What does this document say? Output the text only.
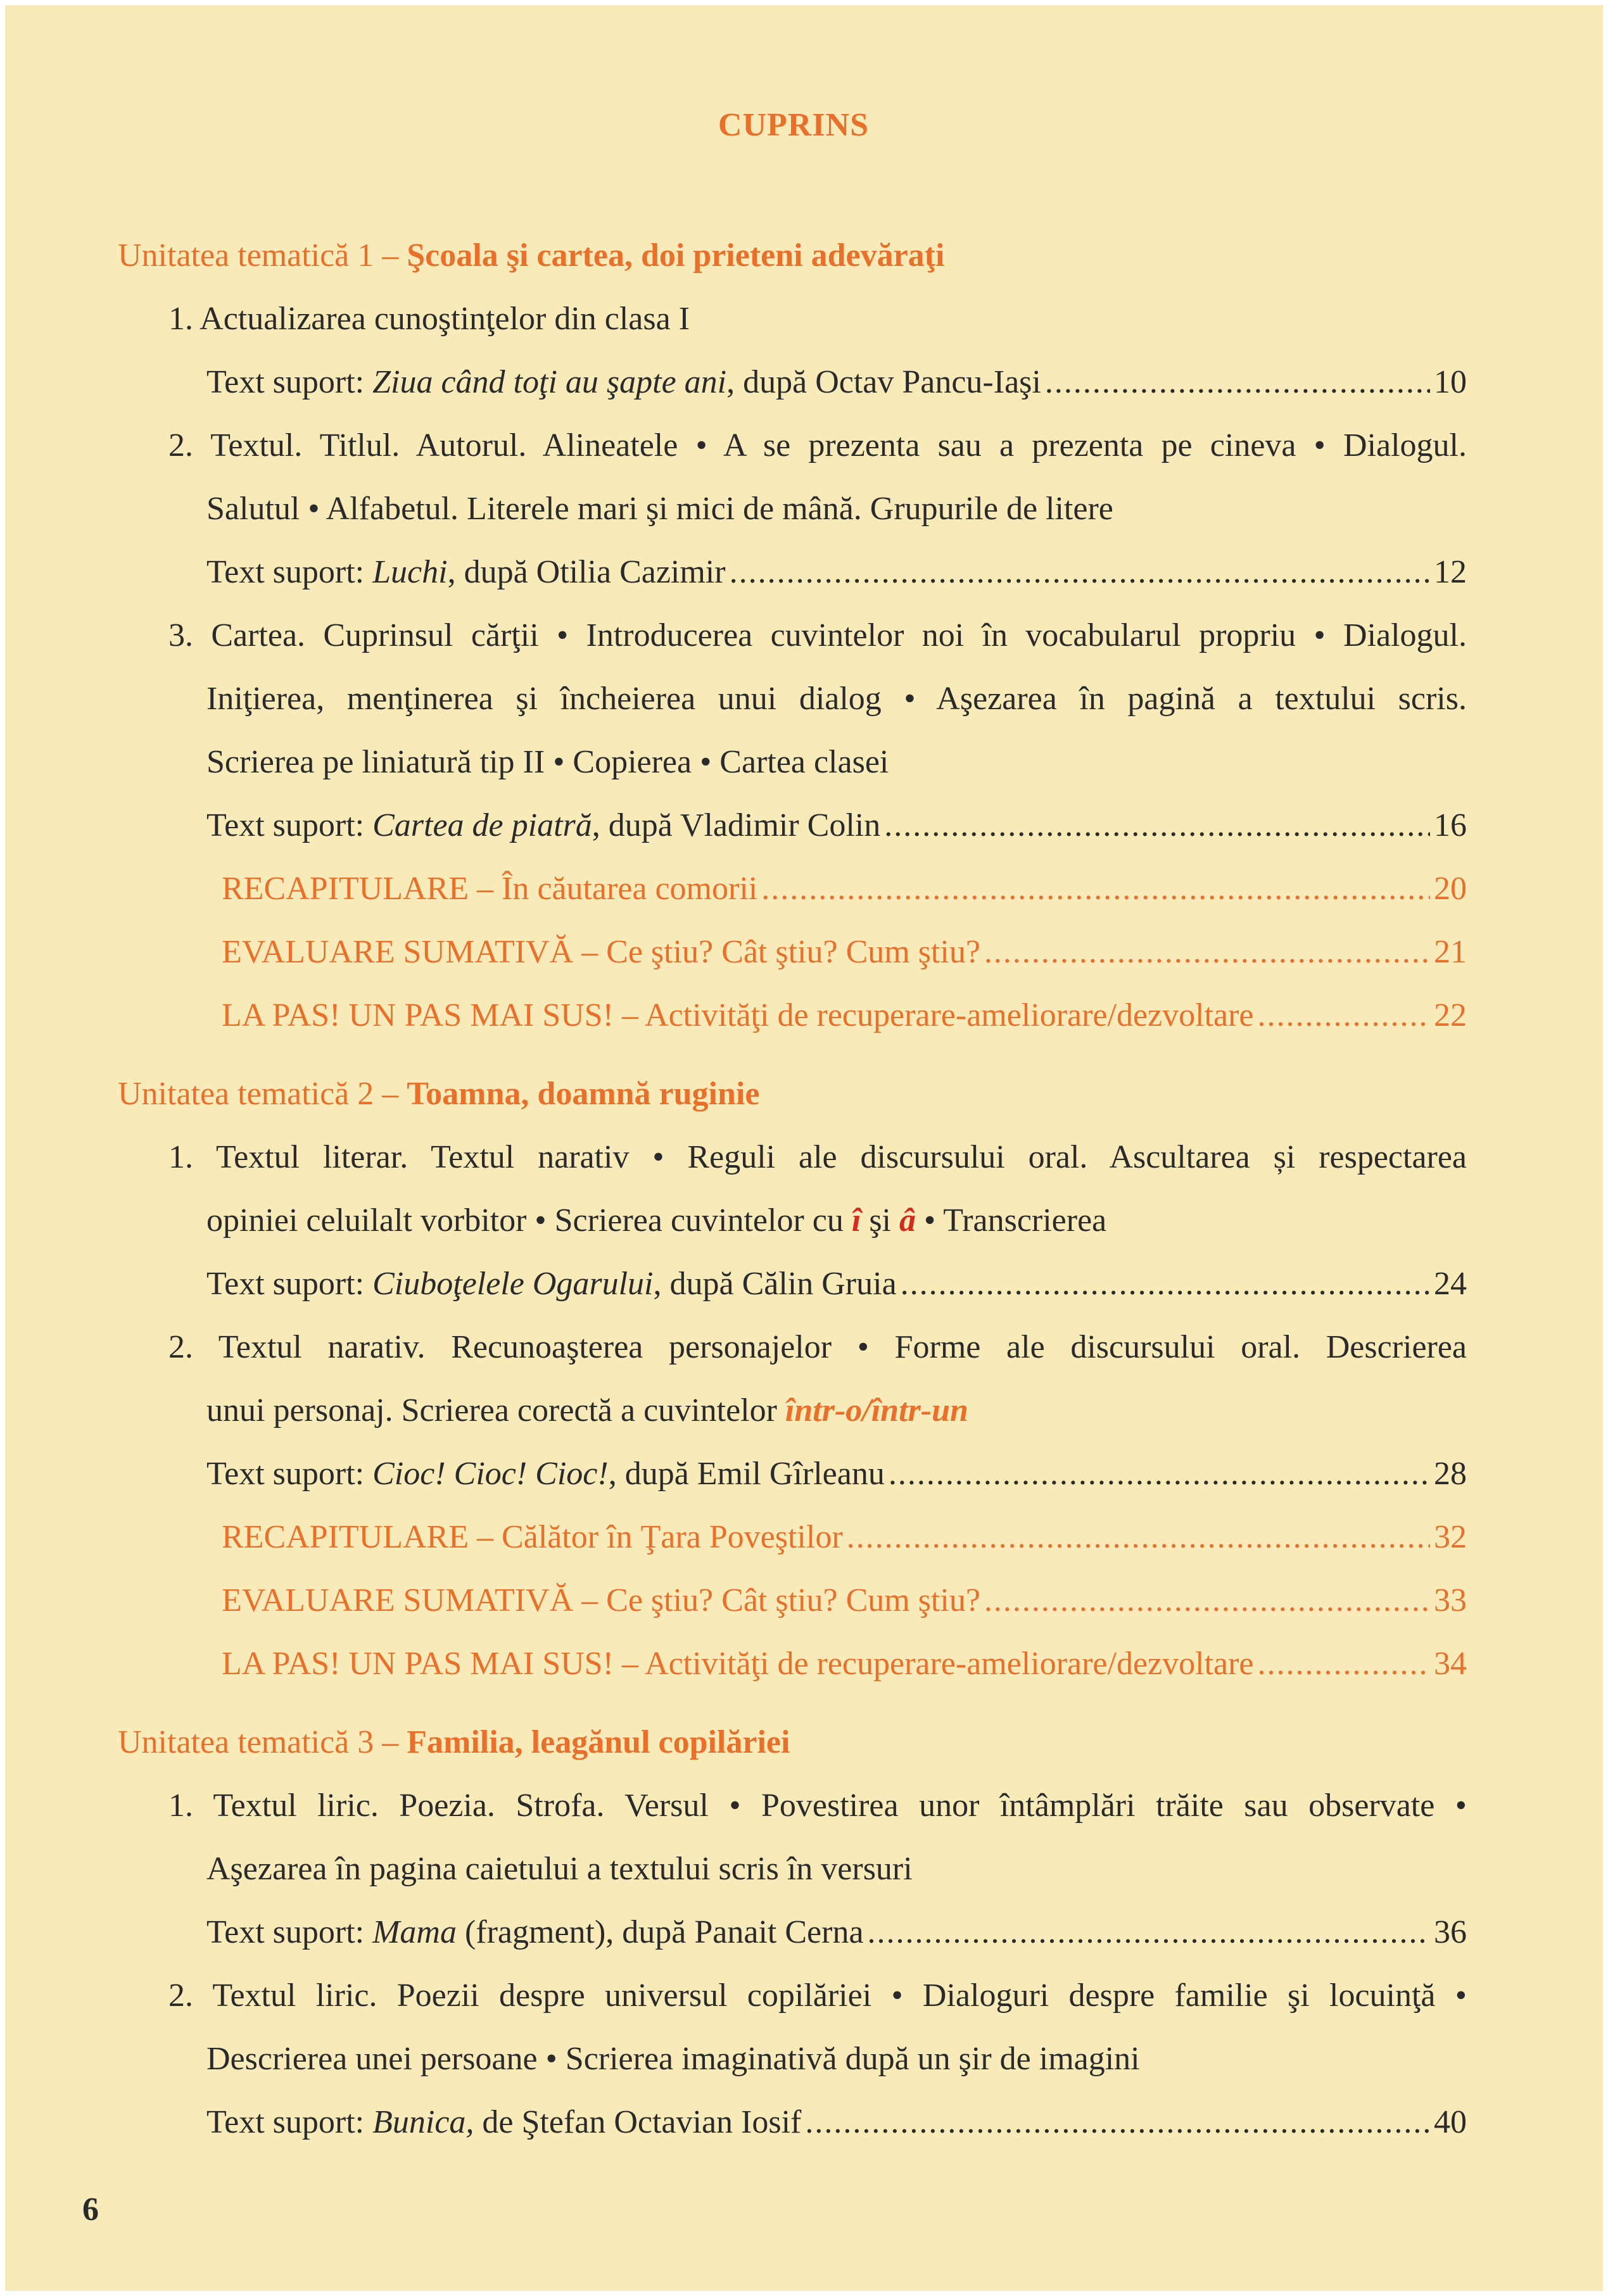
CUPRINS
Unitatea tematică 1 – Şcoala şi cartea, doi prieteni adevăraţi
1. Actualizarea cunoştinţelor din clasa I
Text suport: Ziua când toţi au şapte ani, după Octav Pancu-Iaşi .....	10
2. Textul. Titlul. Autorul. Alineatele • A se prezenta sau a prezenta pe cineva • Dialogul.
Salutul • Alfabetul. Literele mari şi mici de mână. Grupurile de litere
Text suport: Luchi, după Otilia Cazimir .....	12
3. Cartea. Cuprinsul cărţii • Introducerea cuvintelor noi în vocabularul propriu • Dialogul.
Iniţierea, menţinerea şi încheierea unui dialog • Aşezarea în pagină a textului scris.
Scrierea pe liniatură tip II • Copierea • Cartea clasei
Text suport: Cartea de piatră, după Vladimir Colin .....	16
RECAPITULARE – În căutarea comorii .....	20
EVALUARE SUMATIVĂ – Ce ştiu? Cât ştiu? Cum ştiu? .....	21
LA PAS! UN PAS MAI SUS! – Activităţi de recuperare-ameliorare/dezvoltare .....	22
Unitatea tematică 2 – Toamna, doamnă ruginie
1. Textul literar. Textul narativ • Reguli ale discursului oral. Ascultarea și respectarea
opiniei celuilalt vorbitor • Scrierea cuvintelor cu î şi â • Transcrierea
Text suport: Ciuboţelele Ogarului, după Călin Gruia .....	24
2. Textul narativ. Recunoaşterea personajelor • Forme ale discursului oral. Descrierea
unui personaj. Scrierea corectă a cuvintelor într-o/într-un
Text suport: Cioc! Cioc! Cioc!, după Emil Gîrleanu .....	28
RECAPITULARE – Călător în Ţara Poveştilor .....	32
EVALUARE SUMATIVĂ – Ce ştiu? Cât ştiu? Cum ştiu? .....	33
LA PAS! UN PAS MAI SUS! – Activităţi de recuperare-ameliorare/dezvoltare .....	34
Unitatea tematică 3 – Familia, leagănul copilăriei
1. Textul liric. Poezia. Strofa. Versul • Povestirea unor întâmplări trăite sau observate •
Aşezarea în pagina caietului a textului scris în versuri
Text suport: Mama (fragment), după Panait Cerna .....	36
2. Textul liric. Poezii despre universul copilăriei • Dialoguri despre familie şi locuinţă •
Descrierea unei persoane • Scrierea imaginativă după un şir de imagini
Text suport: Bunica, de Ştefan Octavian Iosif .....	40
6
